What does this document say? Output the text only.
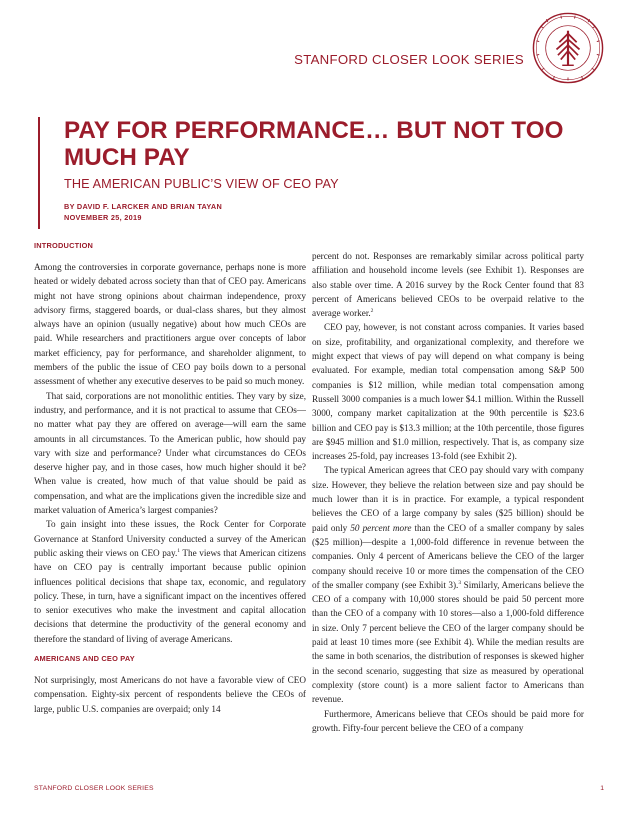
STANFORD CLOSER LOOK SERIES
PAY FOR PERFORMANCE… BUT NOT TOO MUCH PAY
THE AMERICAN PUBLIC’S VIEW OF CEO PAY
BY DAVID F. LARCKER AND BRIAN TAYAN
NOVEMBER 25, 2019
INTRODUCTION

Among the controversies in corporate governance, perhaps none is more heated or widely debated across society than that of CEO pay. Americans might not have strong opinions about chairman independence, proxy advisory firms, staggered boards, or dual-class shares, but they almost always have an opinion (usually negative) about how much CEOs are paid. While researchers and practitioners argue over concepts of labor market efficiency, pay for performance, and shareholder alignment, to members of the public the issue of CEO pay boils down to a personal assessment of whether any executive deserves to be paid so much money.

That said, corporations are not monolithic entities. They vary by size, industry, and performance, and it is not practical to assume that CEOs—no matter what pay they are offered on average—will earn the same amounts in all circumstances. To the American public, how should pay vary with size and performance? Under what circumstances do CEOs deserve higher pay, and in those cases, how much higher should it be? When value is created, how much of that value should be paid as compensation, and what are the implications given the incredible size and market valuation of America’s largest companies?

To gain insight into these issues, the Rock Center for Corporate Governance at Stanford University conducted a survey of the American public asking their views on CEO pay.$^1$ The views that American citizens have on CEO pay is centrally important because public opinion influences political decisions that shape tax, economic, and regulatory policy. These, in turn, have a significant impact on the incentives offered to senior executives who make the investment and capital allocation decisions that determine the productivity of the general economy and therefore the standard of living of average Americans.

AMERICANS AND CEO PAY

Not surprisingly, most Americans do not have a favorable view of CEO compensation. Eighty-six percent of respondents believe the CEOs of large, public U.S. companies are overpaid; only 14

percent do not. Responses are remarkably similar across political party affiliation and household income levels (see Exhibit 1). Responses are also stable over time. A 2016 survey by the Rock Center found that 83 percent of Americans believed CEOs to be overpaid relative to the average worker.$^2$

CEO pay, however, is not constant across companies. It varies based on size, profitability, and organizational complexity, and therefore we might expect that views of pay will depend on what company is being evaluated. For example, median total compensation among S&P 500 companies is $12 million, while median total compensation among Russell 3000 companies is a much lower $4.1 million. Within the Russell 3000, company market capitalization at the 90th percentile is $23.6 billion and CEO pay is $13.3 million; at the 10th percentile, those figures are $945 million and $1.0 million, respectively. That is, as company size increases 25-fold, pay increases 13-fold (see Exhibit 2).

The typical American agrees that CEO pay should vary with company size. However, they believe the relation between size and pay should be much lower than it is in practice. For example, a typical respondent believes the CEO of a large company by sales ($25 billion) should be paid only 50 percent more than the CEO of a smaller company by sales ($25 million)—despite a 1,000-fold difference in revenue between the companies. Only 4 percent of Americans believe the CEO of the larger company should receive 10 or more times the compensation of the CEO of the smaller company (see Exhibit 3).$^3$ Similarly, Americans believe the CEO of a company with 10,000 stores should be paid 50 percent more than the CEO of a company with 10 stores—also a 1,000-fold difference in size. Only 7 percent believe the CEO of the larger company should be paid at least 10 times more (see Exhibit 4). While the median results are the same in both scenarios, the distribution of responses is skewed higher in the second scenario, suggesting that size as measured by operational complexity (store count) is a more salient factor to Americans than revenue.

Furthermore, Americans believe that CEOs should be paid more for growth. Fifty-four percent believe the CEO of a company

STANFORD CLOSER LOOK SERIES	1
